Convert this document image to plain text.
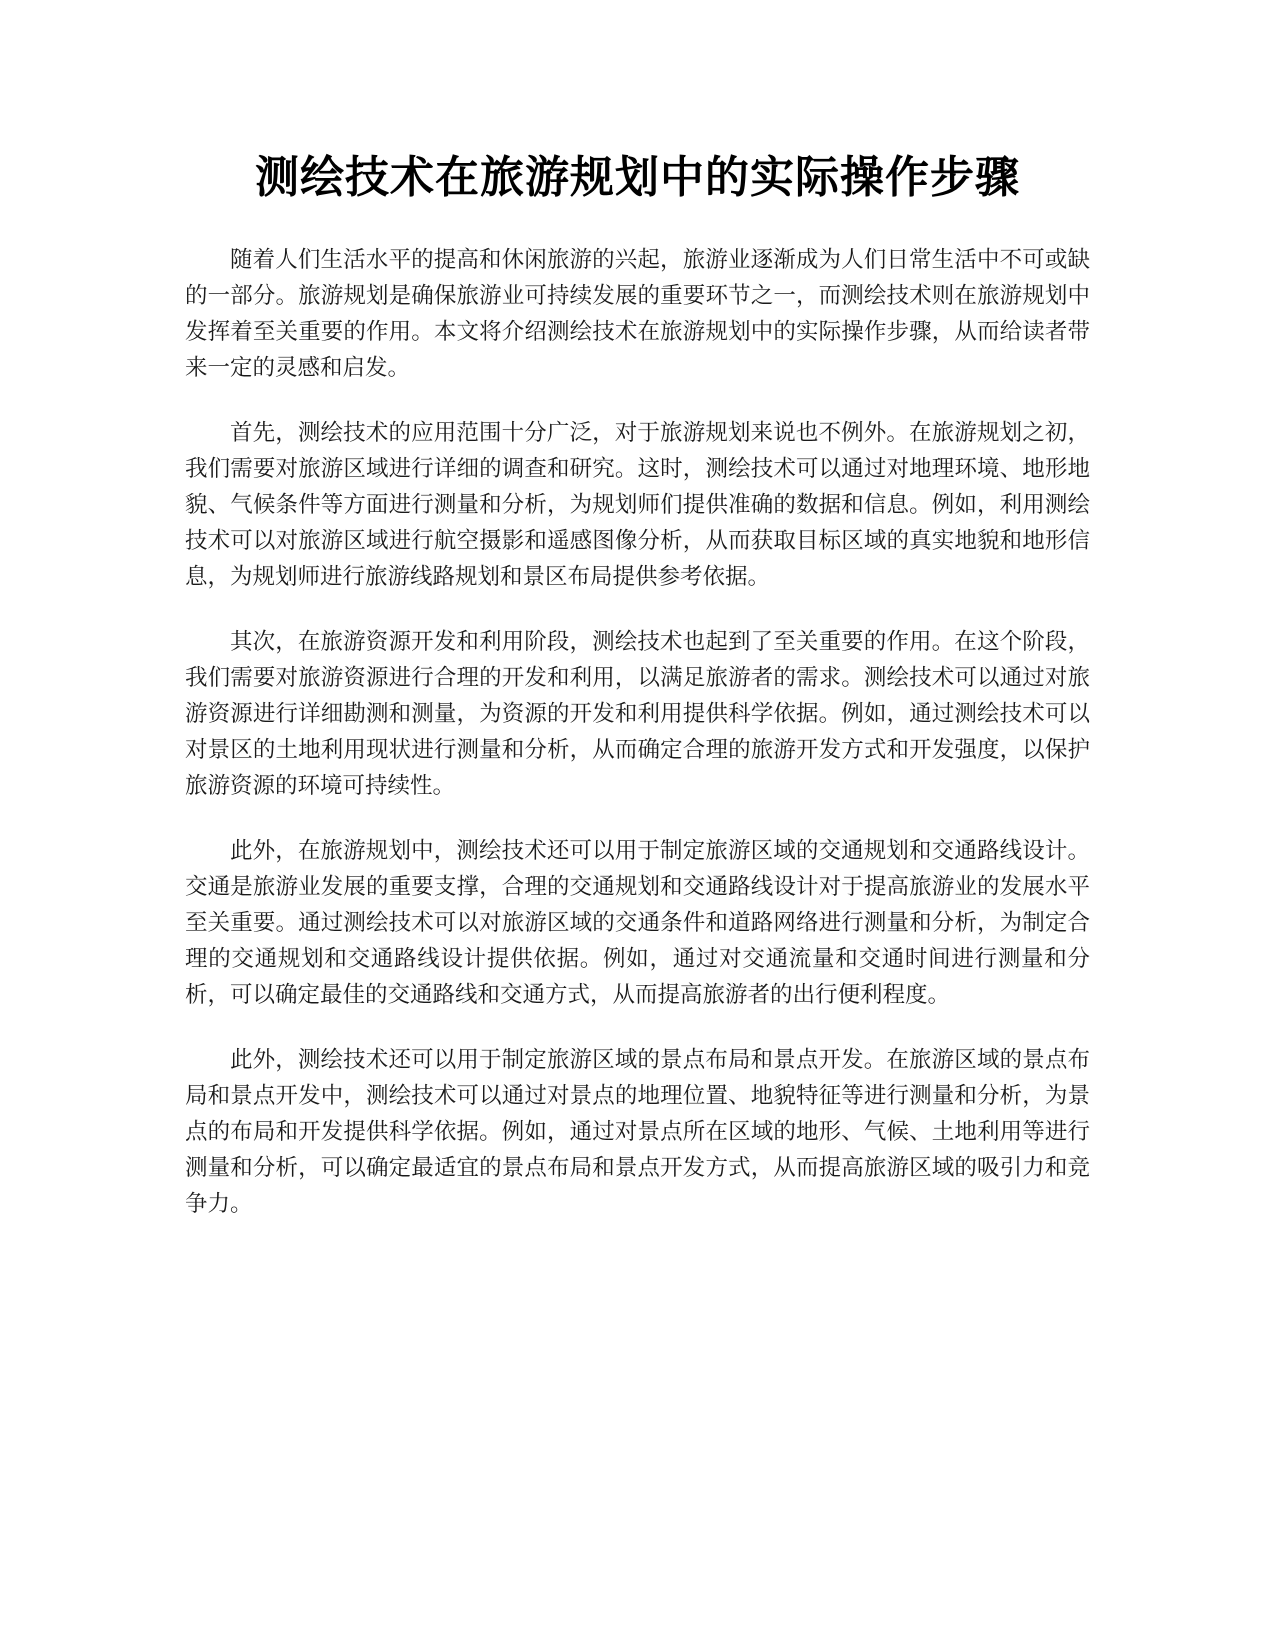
测绘技术在旅游规划中的实际操作步骤

随着人们生活水平的提高和休闲旅游的兴起，旅游业逐渐成为人们日常生活中不可或缺的一部分。旅游规划是确保旅游业可持续发展的重要环节之一，而测绘技术则在旅游规划中发挥着至关重要的作用。本文将介绍测绘技术在旅游规划中的实际操作步骤，从而给读者带来一定的灵感和启发。

首先，测绘技术的应用范围十分广泛，对于旅游规划来说也不例外。在旅游规划之初，我们需要对旅游区域进行详细的调查和研究。这时，测绘技术可以通过对地理环境、地形地貌、气候条件等方面进行测量和分析，为规划师们提供准确的数据和信息。例如，利用测绘技术可以对旅游区域进行航空摄影和遥感图像分析，从而获取目标区域的真实地貌和地形信息，为规划师进行旅游线路规划和景区布局提供参考依据。

其次，在旅游资源开发和利用阶段，测绘技术也起到了至关重要的作用。在这个阶段，我们需要对旅游资源进行合理的开发和利用，以满足旅游者的需求。测绘技术可以通过对旅游资源进行详细勘测和测量，为资源的开发和利用提供科学依据。例如，通过测绘技术可以对景区的土地利用现状进行测量和分析，从而确定合理的旅游开发方式和开发强度，以保护旅游资源的环境可持续性。

此外，在旅游规划中，测绘技术还可以用于制定旅游区域的交通规划和交通路线设计。交通是旅游业发展的重要支撑，合理的交通规划和交通路线设计对于提高旅游业的发展水平至关重要。通过测绘技术可以对旅游区域的交通条件和道路网络进行测量和分析，为制定合理的交通规划和交通路线设计提供依据。例如，通过对交通流量和交通时间进行测量和分析，可以确定最佳的交通路线和交通方式，从而提高旅游者的出行便利程度。

此外，测绘技术还可以用于制定旅游区域的景点布局和景点开发。在旅游区域的景点布局和景点开发中，测绘技术可以通过对景点的地理位置、地貌特征等进行测量和分析，为景点的布局和开发提供科学依据。例如，通过对景点所在区域的地形、气候、土地利用等进行测量和分析，可以确定最适宜的景点布局和景点开发方式，从而提高旅游区域的吸引力和竞争力。
